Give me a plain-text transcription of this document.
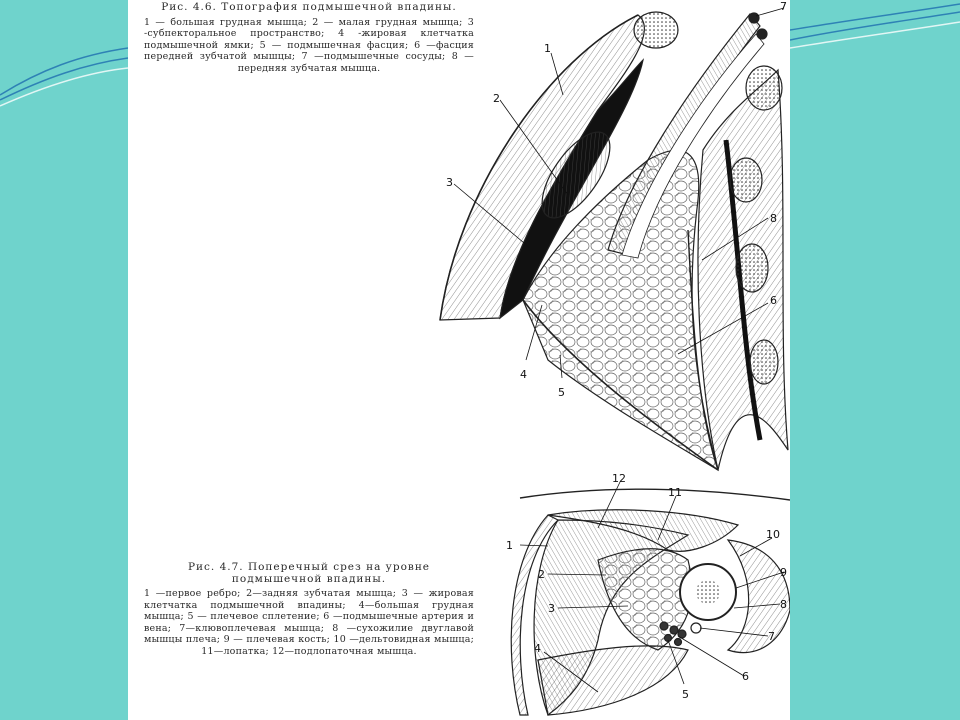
Рис. 4.6. Топография подмышечной впадины.
1 — большая грудная мышца; 2 — малая грудная мышца; 3 -субпекторальное пространство; 4 -жировая клетчатка подмышечной ямки; 5 — подмышечная фасция; 6 —фасция передней зубчатой мышцы; 7 —подмышечные сосуды; 8 — передняя зубчатая мышца.
Рис. 4.7. Поперечный срез на уровне подмышечной впадины.
1 —первое ребро; 2—задняя зубчатая мышца; 3 — жировая клетчатка подмышечной впадины; 4—большая грудная мышца; 5 — плечевое сплетение; 6 —подмышечные артерия и вена; 7—клювоплечевая мышца; 8 —сухожилие двуглавой мышцы плеча; 9 — плечевая кость; 10 —дельтовидная мышца; 11—лопатка; 12—подлопаточная мышца.
1
2
3
4
5
6
7
8
1
2
3
4
5
6
7
8
9
10
11
12
